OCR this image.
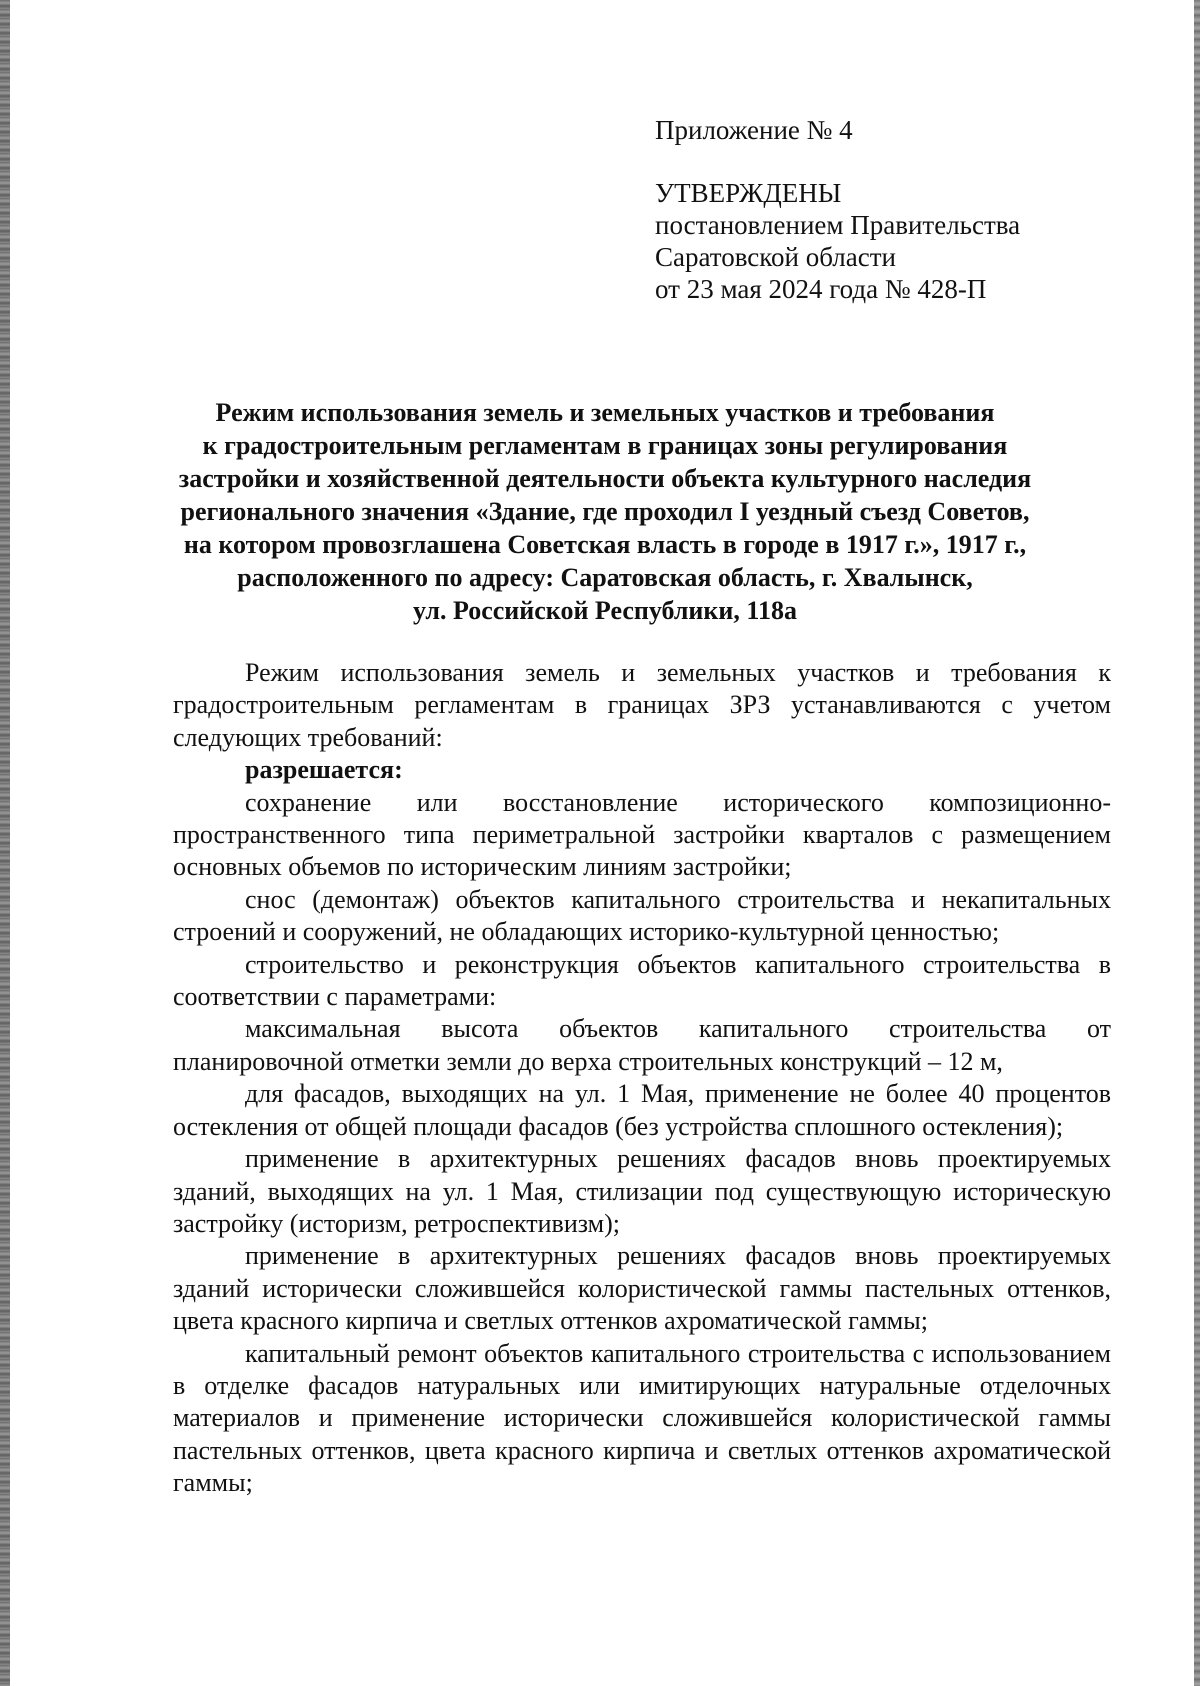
Приложение № 4
УТВЕРЖДЕНЫ
постановлением Правительства
Саратовской области
от 23 мая 2024 года № 428-П
Режим использования земель и земельных участков и требования
к градостроительным регламентам в границах зоны регулирования
застройки и хозяйственной деятельности объекта культурного наследия
регионального значения «Здание, где проходил I уездный съезд Советов,
на котором провозглашена Советская власть в городе в 1917 г.», 1917 г.,
расположенного по адресу: Саратовская область, г. Хвалынск,
ул. Российской Республики, 118а

Режим использования земель и земельных участков и требования к градостроительным регламентам в границах ЗРЗ устанавливаются с учетом следующих требований:

разрешается:

сохранение или восстановление исторического композиционно-пространственного типа периметральной застройки кварталов с размещением основных объемов по историческим линиям застройки;

снос (демонтаж) объектов капитального строительства и некапитальных строений и сооружений, не обладающих историко-культурной ценностью;

строительство и реконструкция объектов капитального строительства в соответствии с параметрами:

максимальная высота объектов капитального строительства от планировочной отметки земли до верха строительных конструкций – 12 м,

для фасадов, выходящих на ул. 1 Мая, применение не более 40 процентов остекления от общей площади фасадов (без устройства сплошного остекления);

применение в архитектурных решениях фасадов вновь проектируемых зданий, выходящих на ул. 1 Мая, стилизации под существующую историческую застройку (историзм, ретроспективизм);

применение в архитектурных решениях фасадов вновь проектируемых зданий исторически сложившейся колористической гаммы пастельных оттенков, цвета красного кирпича и светлых оттенков ахроматической гаммы;

капитальный ремонт объектов капитального строительства с использованием в отделке фасадов натуральных или имитирующих натуральные отделочных материалов и применение исторически сложившейся колористической гаммы пастельных оттенков, цвета красного кирпича и светлых оттенков ахроматической гаммы;
